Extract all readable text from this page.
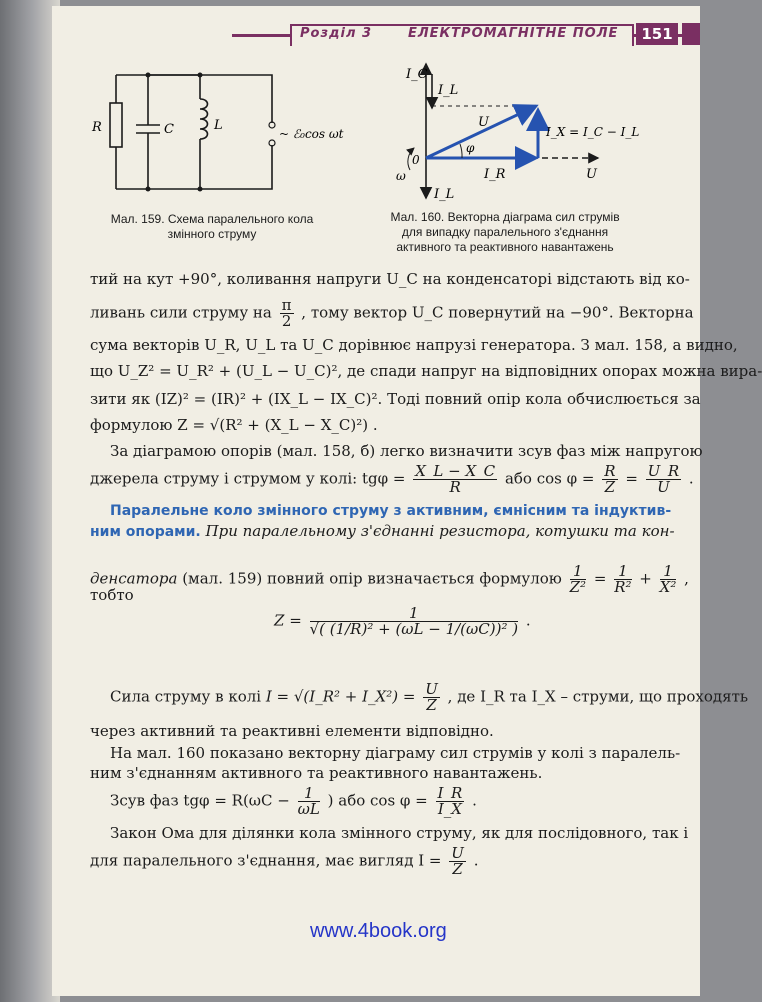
Розділ 3	ЕЛЕКТРОМАГНІТНЕ ПОЛЕ	151
R	C	L
~ ℰ₀cos ωt
Мал. 159. Схема паралельного кола
змінного струму
I_C
I_L
U
φ
I_X = I_C − I_L
0
ω	I_R	U
I_L
Мал. 160. Векторна діаграма сил струмів
для випадку паралельного з'єднання
активного та реактивного навантажень
тий на кут +90°, коливання напруги U_C на конденсаторі відстають від ко-
ливань сили струму на $\frac{\pi}{2}$ , тому вектор U_C повернутий на −90°. Векторна
сума векторів U_R, U_L та U_C дорівнює напрузі генератора. З мал. 158, а видно,
що U_Z² = U_R² + (U_L − U_C)², де спади напруг на відповідних опорах можна вира-
зити як (IZ)² = (IR)² + (IX_L − IX_C)². Тоді повний опір кола обчислюється за
формулою Z = √(R² + (X_L − X_C)²) .
За діаграмою опорів (мал. 158, б) легко визначити зсув фаз між напругою
джерела струму і струмом у колі: $tg\varphi = \frac{X\_L - X\_C}{R}$ або $\cos \varphi = \frac{R}{Z} = \frac{U\_R}{U}$ .
Паралельне коло змінного струму з активним, ємнісним та індуктив-
ним опорами. При паралельному з'єднанні резистора, котушки та кон-
денсатора (мал. 159) повний опір визначається формулою $\frac{1}{\text{Z²}} = \frac{1}{\text{R²}} + \frac{1}{\text{X²}}$ ,
тобто
$Z = \frac{1}{\text{√( (1/R)² + (ωL − 1/(ωC))² )}}$ .
Сила струму в колі I = √(I_R² + I_X²) = $\frac{U}{Z}$ , де I_R та I_X – струми, що проходять
через активний та реактивні елементи відповідно.
На мал. 160 показано векторну діаграму сил струмів у колі з паралель-
ним з'єднанням активного та реактивного навантажень.
Зсув фаз $tg\varphi = R(\omega C - \frac{1}{\omega L}$ ) або $\cos \varphi = \frac{I\_R}{I\_X}$ .
Закон Ома для ділянки кола змінного струму, як для послідовного, так і
для паралельного з'єднання, має вигляд $I = \frac{U}{Z}$ .
www.4book.org
